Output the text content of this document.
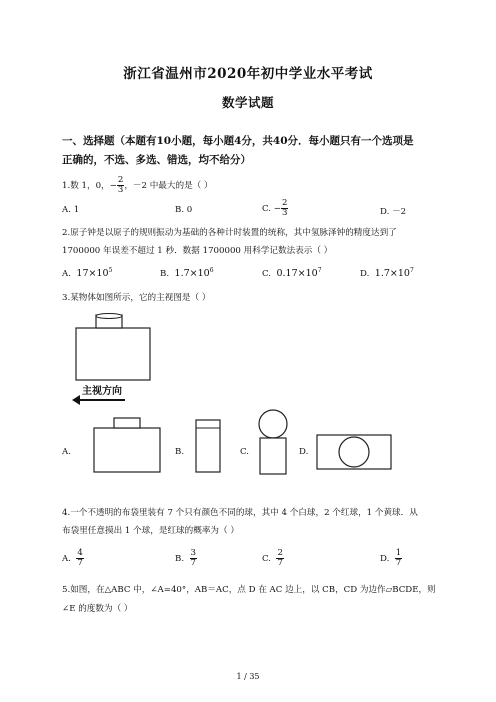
浙江省温州市2020年初中学业水平考试
数学试题
一、选择题（本题有10小题，每小题4分，共40分．每小题只有一个选项是
正确的，不选、多选、错选，均不给分）
1.数 1，0，− $\frac{2}{3}$ ，－2 中最大的是（ ）
A. 1	B. 0	C. − $\frac{2}{3}$	D. －2
2.原子钟是以原子的规则振动为基础的各种计时装置的统称，其中氢脉泽钟的精度达到了
1700000 年误差不超过 1 秒．数据 1700000 用科学记数法表示（ ）
A. $17\times 10^5$	B. $1.7\times 10^6$	C. $0.17\times 10^7$	D. $1.7\times 10^7$
3.某物体如图所示，它的主视图是（ ）
主视方向
A.	B.	C.	D.
4.一个不透明的布袋里装有 7 个只有颜色不同的球，其中 4 个白球，2 个红球，1 个黄球．从
布袋里任意摸出 1 个球，是红球的概率为（ ）
A. $\frac{4}{7}$	B. $\frac{3}{7}$	C. $\frac{2}{7}$	D. $\frac{1}{7}$
5.如图，在△ABC 中，∠A=40°，AB＝AC，点 D 在 AC 边上，以 CB，CD 为边作▱BCDE，则
∠E 的度数为（ ）
1 / 35
